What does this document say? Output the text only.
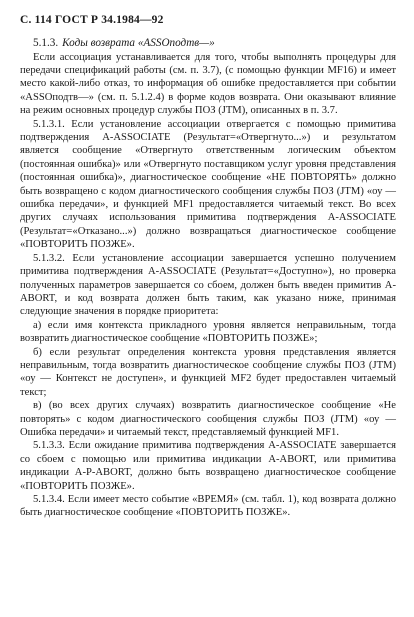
С. 114 ГОСТ Р 34.1984—92
5.1.3. Коды возврата «ASSOподтв—»

Если ассоциация устанавливается для того, чтобы выполнять процедуры для передачи спецификаций работы (см. п. 3.7), (с помощью функции MF16) и имеет место какой-либо отказ, то информация об ошибке предоставляется при событии «ASSOподтв—» (см. п. 5.1.2.4) в форме кодов возврата. Они оказывают влияние на режим основных процедур службы ПОЗ (JTM), описанных в п. 3.7.

5.1.3.1. Если установление ассоциации отвергается с помощью примитива подтверждения A-ASSOCIATE (Результат=«Отвергнуто...») и результатом является сообщение «Отвергнуто ответственным логическим объектом (постоянная ошибка)» или «Отвергнуто поставщиком услуг уровня представления (постоянная ошибка)», диагностическое сообщение «НЕ ПОВТОРЯТЬ» должно быть возвращено с кодом диагностического сообщения службы ПОЗ (JTM) «оу — ошибка передачи», и функцией MF1 предоставляется читаемый текст. Во всех других случаях использования примитива подтверждения A-ASSOCIATE (Результат=«Отказано...») должно возвращаться диагностическое сообщение «ПОВТОРИТЬ ПОЗЖЕ».

5.1.3.2. Если установление ассоциации завершается успешно получением примитива подтверждения A-ASSOCIATE (Результат=«Доступно»), но проверка полученных параметров завершается со сбоем, должен быть введен примитив A-ABORT, и код возврата должен быть таким, как указано ниже, принимая следующие значения в порядке приоритета:

а) если имя контекста прикладного уровня является неправильным, тогда возвратить диагностическое сообщение «ПОВТОРИТЬ ПОЗЖЕ»;

б) если результат определения контекста уровня представления является неправильным, тогда возвратить диагностическое сообщение службы ПОЗ (JTM) «оу — Контекст не доступен», и функцией MF2 будет предоставлен читаемый текст;

в) (во всех других случаях) возвратить диагностическое сообщение «Не повторять» с кодом диагностического сообщения службы ПОЗ (JTM) «оу — Ошибка передачи» и читаемый текст, представляемый функцией MF1.

5.1.3.3. Если ожидание примитива подтверждения A-ASSOCIATE завершается со сбоем с помощью или примитива индикации A-ABORT, или примитива индикации A-P-ABORT, должно быть возвращено диагностическое сообщение «ПОВТОРИТЬ ПОЗЖЕ».

5.1.3.4. Если имеет место событие «ВРЕМЯ» (см. табл. 1), код возврата должно быть диагностическое сообщение «ПОВТОРИТЬ ПОЗЖЕ».
